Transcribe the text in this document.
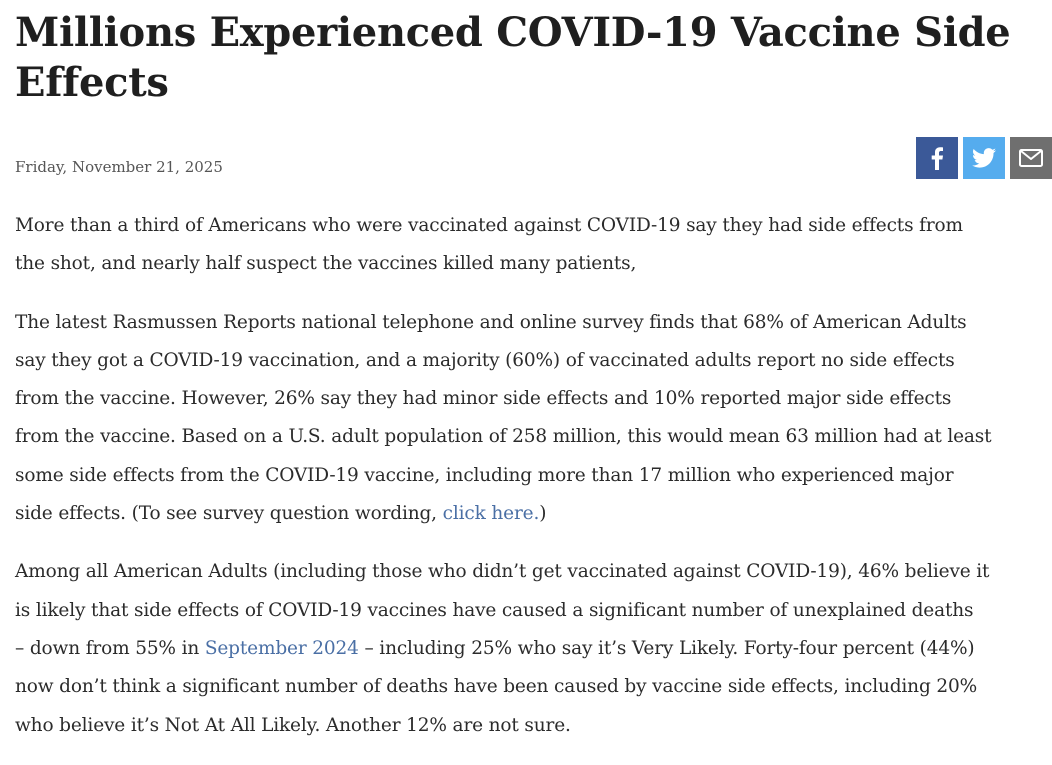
Millions Experienced COVID-19 Vaccine Side Effects
Friday, November 21, 2025

More than a third of Americans who were vaccinated against COVID-19 say they had side effects from
the shot, and nearly half suspect the vaccines killed many patients,

The latest Rasmussen Reports national telephone and online survey finds that 68% of American Adults
say they got a COVID-19 vaccination, and a majority (60%) of vaccinated adults report no side effects
from the vaccine. However, 26% say they had minor side effects and 10% reported major side effects
from the vaccine. Based on a U.S. adult population of 258 million, this would mean 63 million had at least
some side effects from the COVID-19 vaccine, including more than 17 million who experienced major
side effects. (To see survey question wording, click here.)

Among all American Adults (including those who didn’t get vaccinated against COVID-19), 46% believe it
is likely that side effects of COVID-19 vaccines have caused a significant number of unexplained deaths
– down from 55% in September 2024 – including 25% who say it’s Very Likely. Forty-four percent (44%)
now don’t think a significant number of deaths have been caused by vaccine side effects, including 20%
who believe it’s Not At All Likely. Another 12% are not sure.
